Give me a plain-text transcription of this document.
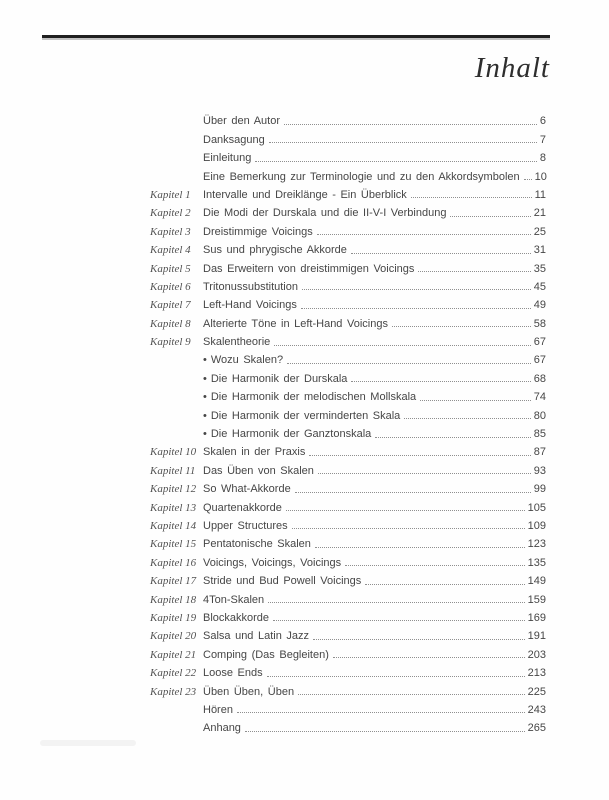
Inhalt
Über den Autor	6
Danksagung	7
Einleitung	8
Eine Bemerkung zur Terminologie und zu den Akkordsymbolen 10
Kapitel 1	Intervalle und Dreiklänge - Ein Überblick	11
Kapitel 2	Die Modi der Durskala und die II-V-I Verbindung	21
Kapitel 3	Dreistimmige Voicings	25
Kapitel 4	Sus und phrygische Akkorde	31
Kapitel 5	Das Erweitern von dreistimmigen Voicings	35
Kapitel 6	Tritonussubstitution	45
Kapitel 7	Left-Hand Voicings	49
Kapitel 8	Alterierte Töne in Left-Hand Voicings	58
Kapitel 9	Skalentheorie	67
• Wozu Skalen?	67
• Die Harmonik der Durskala	68
• Die Harmonik der melodischen Mollskala	74
• Die Harmonik der verminderten Skala	80
• Die Harmonik der Ganztonskala	85
Kapitel 10 Skalen in der Praxis	87
Kapitel 11 Das Üben von Skalen	93
Kapitel 12 So What-Akkorde	99
Kapitel 13 Quartenakkorde	105
Kapitel 14 Upper Structures	109
Kapitel 15 Pentatonische Skalen	123
Kapitel 16 Voicings, Voicings, Voicings	135
Kapitel 17 Stride und Bud Powell Voicings	149
Kapitel 18 4Ton-Skalen	159
Kapitel 19 Blockakkorde	169
Kapitel 20 Salsa und Latin Jazz	191
Kapitel 21 Comping (Das Begleiten)	203
Kapitel 22 Loose Ends	213
Kapitel 23 Üben Üben, Üben	225
Hören	243
Anhang	265
